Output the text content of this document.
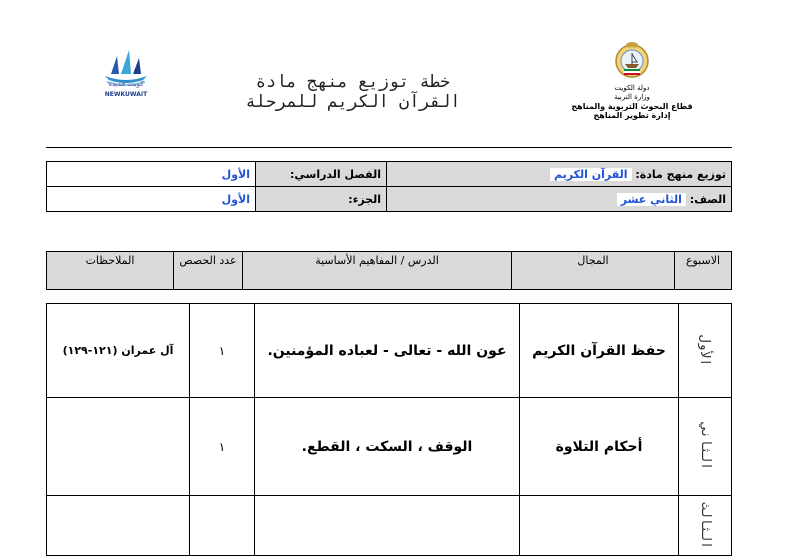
كويت جديدة
NEWKUWAIT
خطة توزيع منهج مادة
القرآن الكريم للمرحلة
دولة الكويت
وزارة التربية
قطاع البحوث التربوية والمناهج
إدارة تطوير المناهج
توزيع منهج مادة: القرآن الكريم	الفصل الدراسي:	الأول
الصف: الثاني عشر	الجزء:	الأول
الاسبوع	المجال	الدرس / المفاهيم الأساسية	عدد الحصص	الملاحظات
الأول	حفظ القرآن الكريم	عون الله - تعالى - لعباده المؤمنين.	١	آل عمران (١٢١-١٢٩)
الثاني	أحكام التلاوة	الوقف ، السكت ، القطع.	١	
الثالث				
